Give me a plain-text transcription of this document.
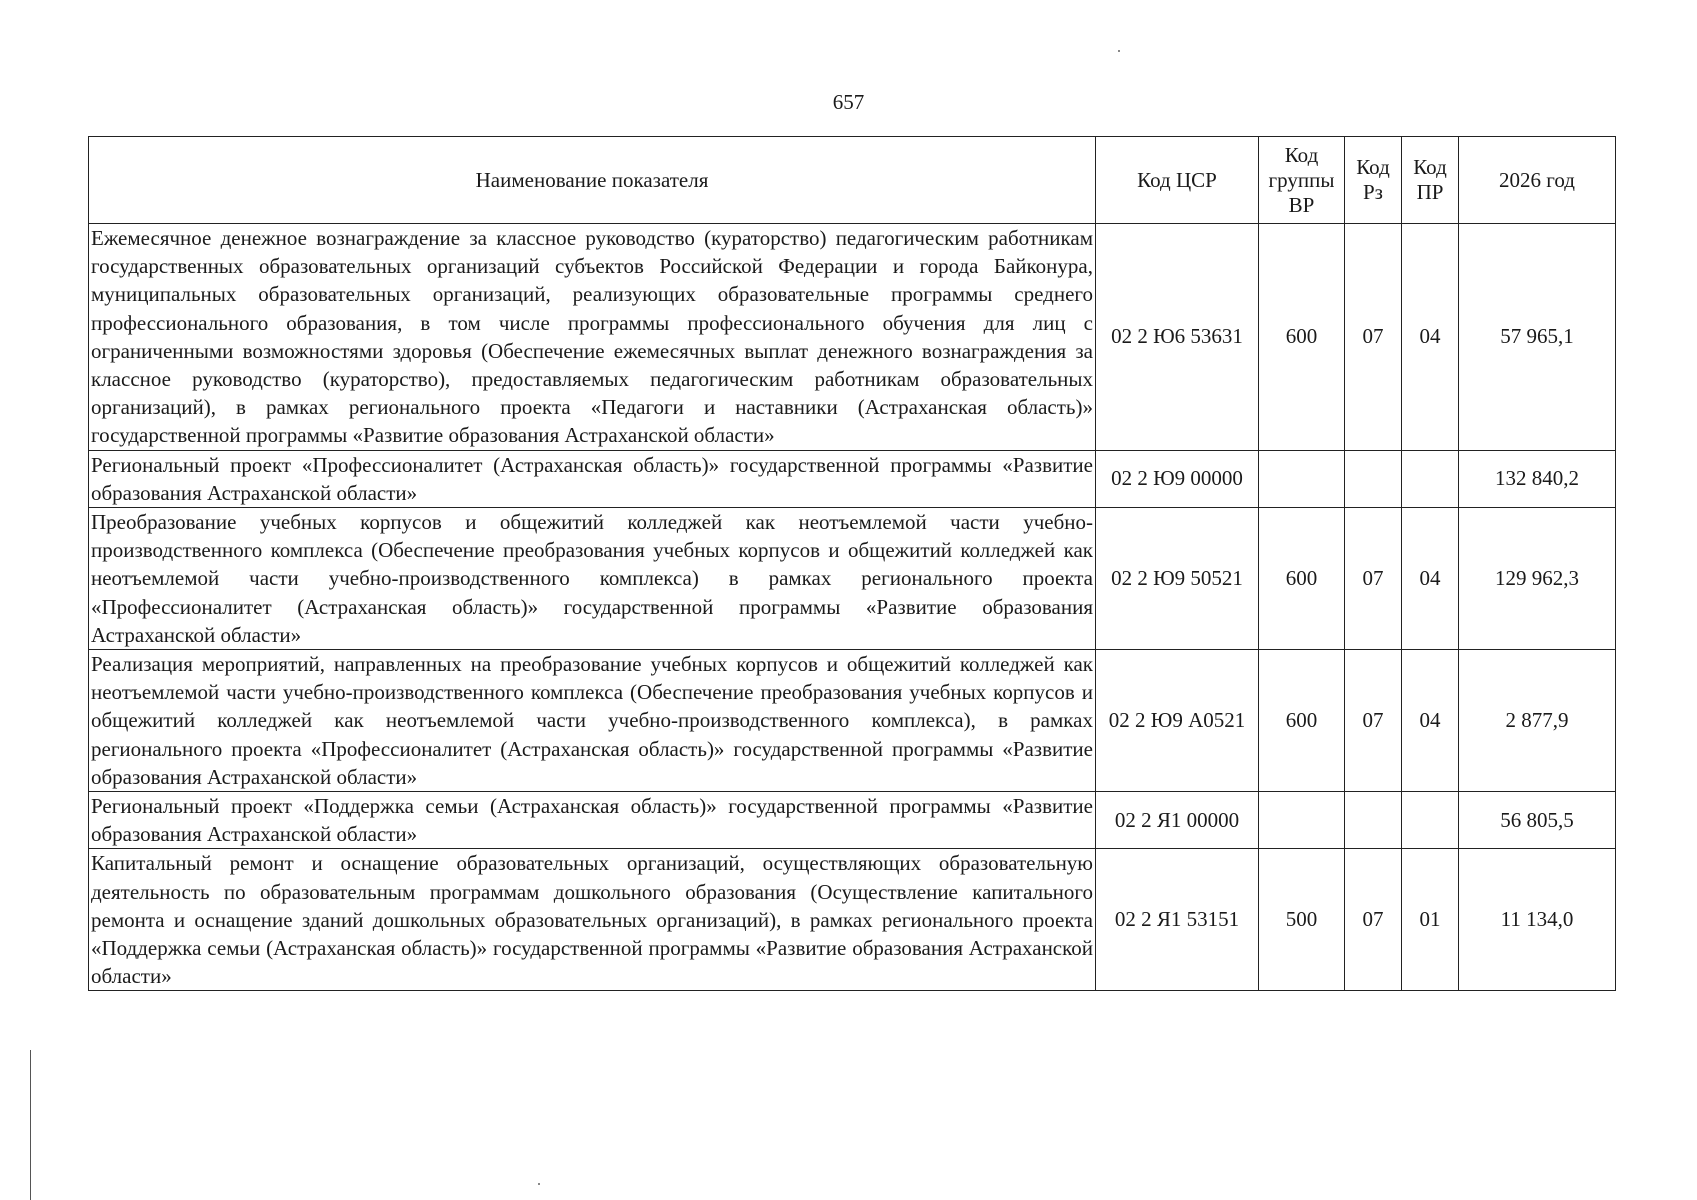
657
Наименование показателя	Код ЦСР	Код группы ВР	Код Рз	Код ПР	2026 год
Ежемесячное денежное вознаграждение за классное руководство (кураторство) педагогическим работникам государственных образовательных организаций субъектов Российской Федерации и города Байконура, муниципальных образовательных организаций, реализующих образовательные программы среднего профессионального образования, в том числе программы профессионального обучения для лиц с ограниченными возможностями здоровья (Обеспечение ежемесячных выплат денежного вознаграждения за классное руководство (кураторство), предоставляемых педагогическим работникам образовательных организаций), в рамках регионального проекта «Педагоги и наставники (Астраханская область)» государственной программы «Развитие образования Астраханской области»	02 2 Ю6 53631	600	07	04	57 965,1
Региональный проект «Профессионалитет (Астраханская область)» государственной программы «Развитие образования Астраханской области»	02 2 Ю9 00000				132 840,2
Преобразование учебных корпусов и общежитий колледжей как неотъемлемой части учебно-производственного комплекса (Обеспечение преобразования учебных корпусов и общежитий колледжей как неотъемлемой части учебно-производственного комплекса) в рамках регионального проекта «Профессионалитет (Астраханская область)» государственной программы «Развитие образования Астраханской области»	02 2 Ю9 50521	600	07	04	129 962,3
Реализация мероприятий, направленных на преобразование учебных корпусов и общежитий колледжей как неотъемлемой части учебно-производственного комплекса (Обеспечение преобразования учебных корпусов и общежитий колледжей как неотъемлемой части учебно-производственного комплекса), в рамках регионального проекта «Профессионалитет (Астраханская область)» государственной программы «Развитие образования Астраханской области»	02 2 Ю9 А0521	600	07	04	2 877,9
Региональный проект «Поддержка семьи (Астраханская область)» государственной программы «Развитие образования Астраханской области»	02 2 Я1 00000				56 805,5
Капитальный ремонт и оснащение образовательных организаций, осуществляющих образовательную деятельность по образовательным программам дошкольного образования (Осуществление капитального ремонта и оснащение зданий дошкольных образовательных организаций), в рамках регионального проекта «Поддержка семьи (Астраханская область)» государственной программы «Развитие образования Астраханской области»	02 2 Я1 53151	500	07	01	11 134,0
